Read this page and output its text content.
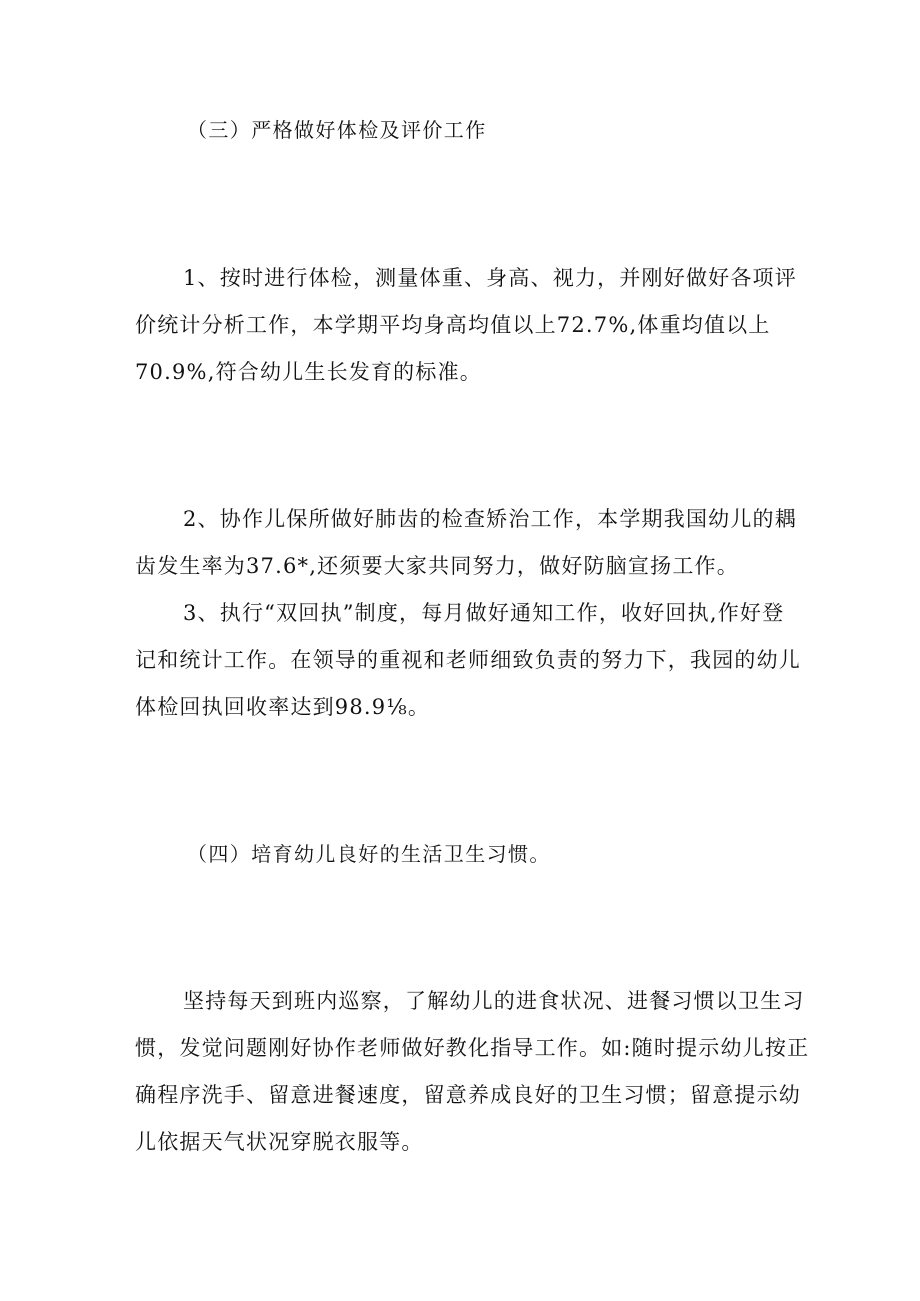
（三）严格做好体检及评价工作
1、按时进行体检，测量体重、身高、视力，并刚好做好各项评
价统计分析工作，本学期平均身高均值以上72.7%,体重均值以上
70.9%,符合幼儿生长发育的标准。
2、协作儿保所做好肺齿的检查矫治工作，本学期我国幼儿的耦
齿发生率为37.6*,还须要大家共同努力，做好防脑宣扬工作。
3、执行“双回执”制度，每月做好通知工作，收好回执,作好登
记和统计工作。在领导的重视和老师细致负责的努力下，我园的幼儿
体检回执回收率达到98.9⅛。
（四）培育幼儿良好的生活卫生习惯。
坚持每天到班内巡察，了解幼儿的进食状况、进餐习惯以卫生习
惯，发觉问题刚好协作老师做好教化指导工作。如:随时提示幼儿按正
确程序洗手、留意进餐速度，留意养成良好的卫生习惯；留意提示幼
儿依据天气状况穿脱衣服等。
